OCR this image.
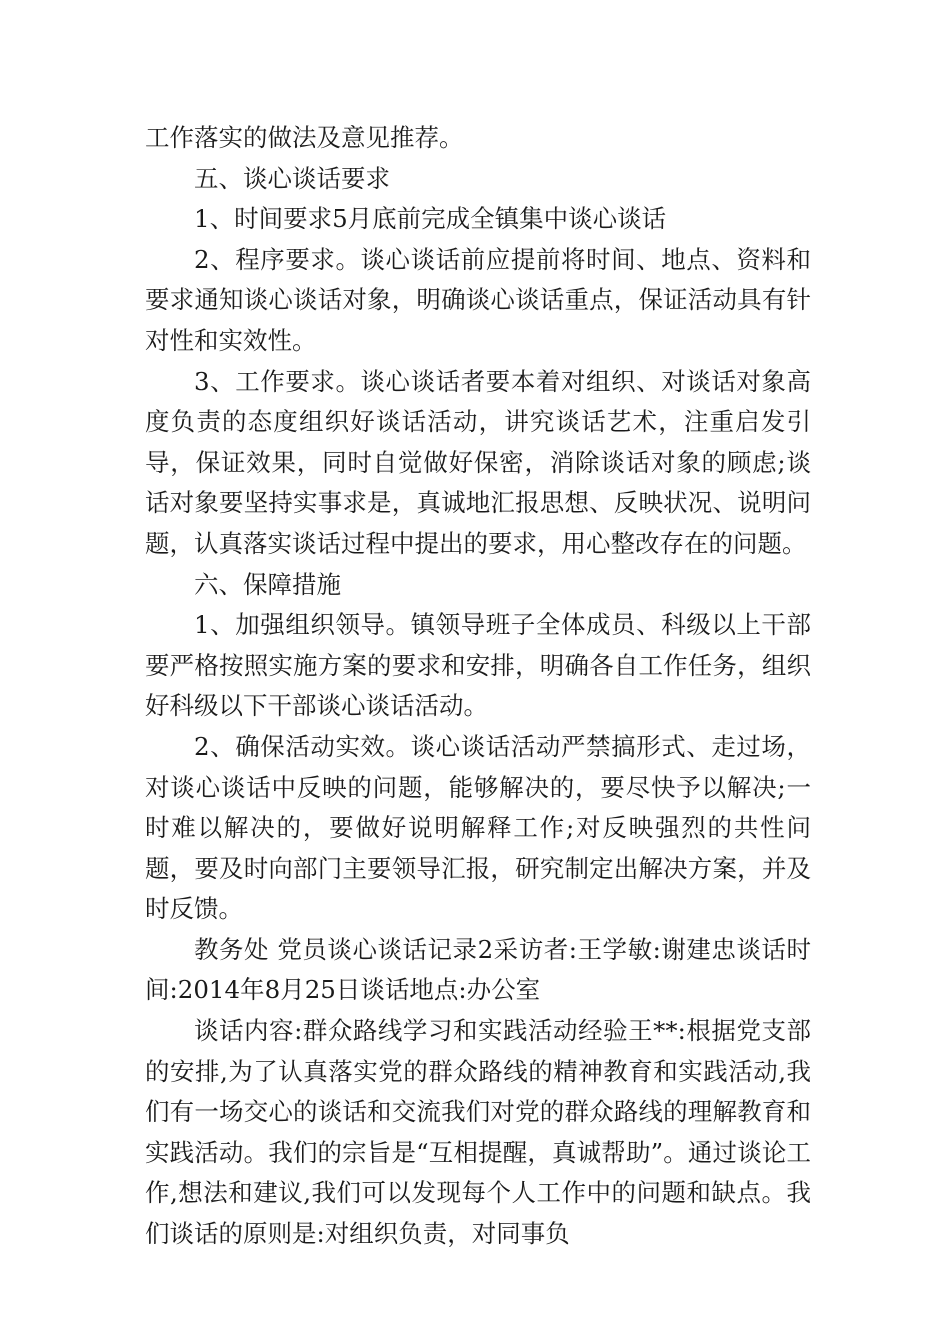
工作落实的做法及意见推荐。

五、谈心谈话要求

1、时间要求5月底前完成全镇集中谈心谈话

2、程序要求。谈心谈话前应提前将时间、地点、资料和要求通知谈心谈话对象，明确谈心谈话重点，保证活动具有针对性和实效性。

3、工作要求。谈心谈话者要本着对组织、对谈话对象高度负责的态度组织好谈话活动，讲究谈话艺术，注重启发引导，保证效果，同时自觉做好保密，消除谈话对象的顾虑;谈话对象要坚持实事求是，真诚地汇报思想、反映状况、说明问题，认真落实谈话过程中提出的要求，用心整改存在的问题。

六、保障措施

1、加强组织领导。镇领导班子全体成员、科级以上干部要严格按照实施方案的要求和安排，明确各自工作任务，组织好科级以下干部谈心谈话活动。

2、确保活动实效。谈心谈话活动严禁搞形式、走过场，对谈心谈话中反映的问题，能够解决的，要尽快予以解决;一时难以解决的，要做好说明解释工作;对反映强烈的共性问题，要及时向部门主要领导汇报，研究制定出解决方案，并及时反馈。

教务处 党员谈心谈话记录2采访者:王学敏:谢建忠谈话时间:2014年8月25日谈话地点:办公室

谈话内容:群众路线学习和实践活动经验王**:根据党支部的安排,为了认真落实党的群众路线的精神教育和实践活动,我们有一场交心的谈话和交流我们对党的群众路线的理解教育和实践活动。我们的宗旨是“互相提醒，真诚帮助”。通过谈论工作,想法和建议,我们可以发现每个人工作中的问题和缺点。我们谈话的原则是:对组织负责，对同事负
